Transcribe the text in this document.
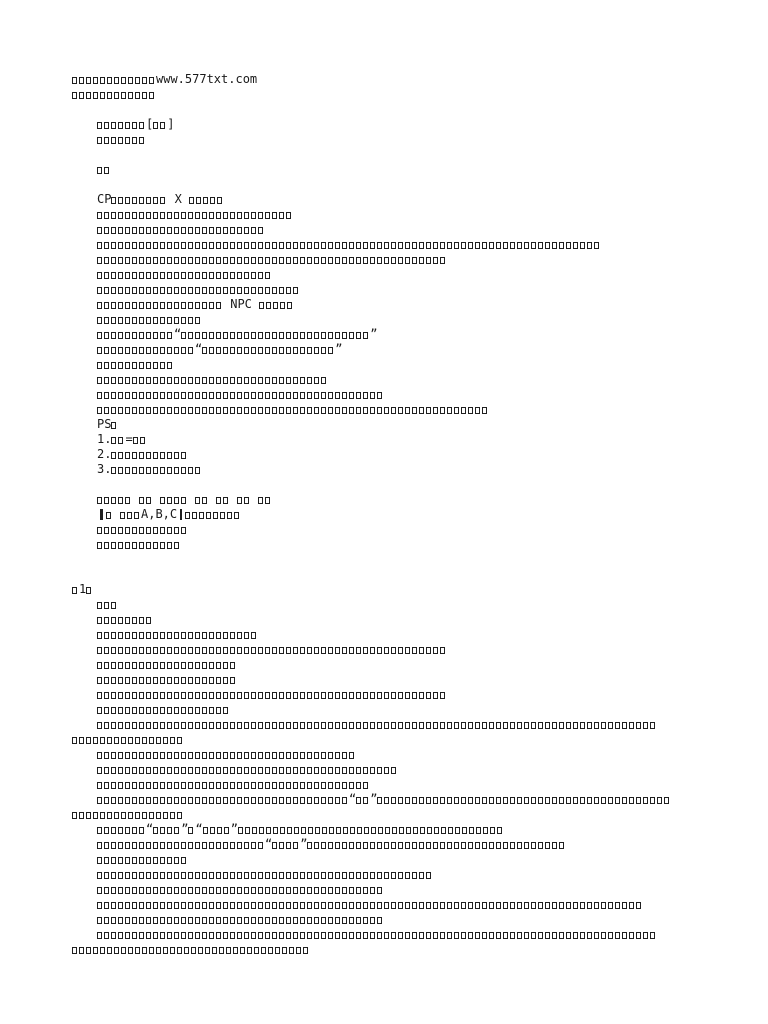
www.577txt.com
[ ]
CP	X
NPC
“	”
“	”
PS
1. =
2.
3.
A,B,C
1
“ ”
“ ” “ ”
“ ”
